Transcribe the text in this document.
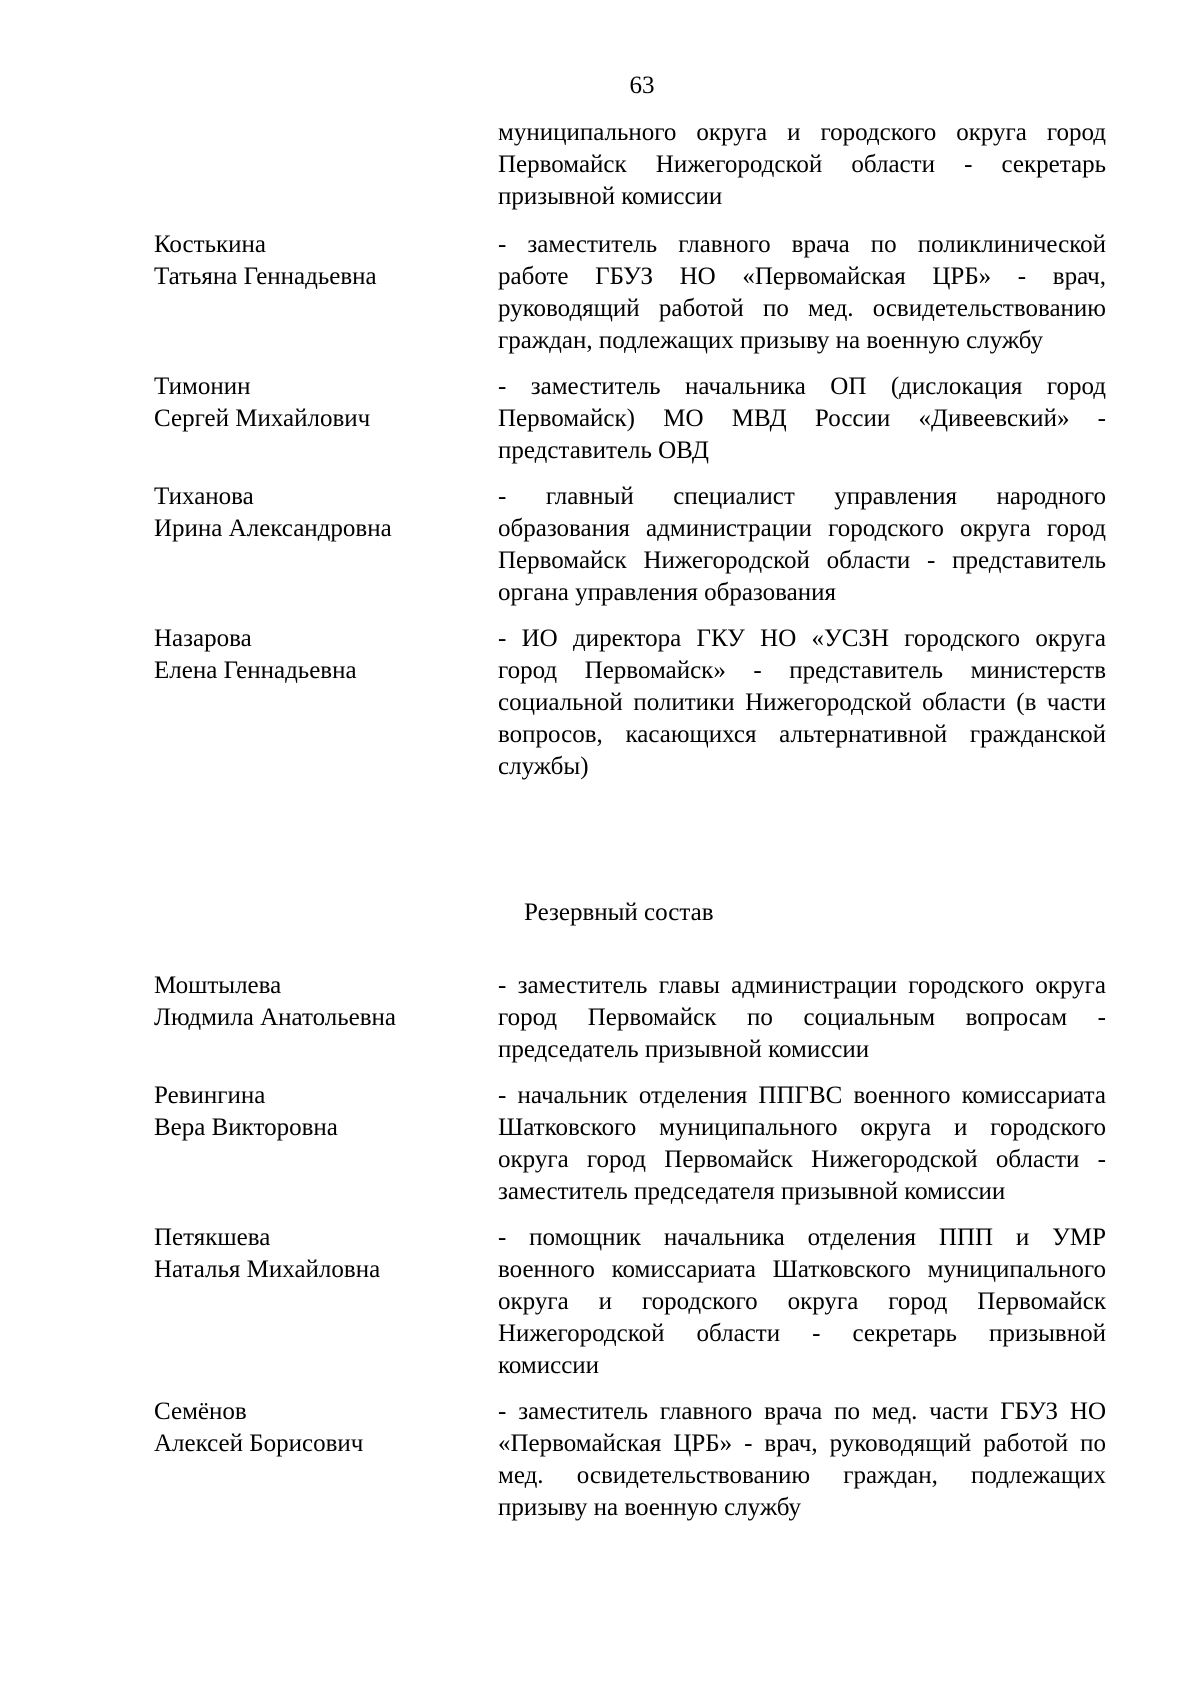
63
муниципального округа и городского округа город Первомайск Нижегородской области - секретарь призывной комиссии
Костькина
Татьяна Геннадьевна
- заместитель главного врача по поликлинической работе ГБУЗ НО «Первомайская ЦРБ» - врач, руководящий работой по мед. освидетельствованию граждан, подлежащих призыву на военную службу
Тимонин
Сергей Михайлович
- заместитель начальника ОП (дислокация город Первомайск) МО МВД России «Дивеевский» - представитель ОВД
Тиханова
Ирина Александровна
- главный специалист управления народного образования администрации городского округа город Первомайск Нижегородской области - представитель органа управления образования
Назарова
Елена Геннадьевна
- ИО директора ГКУ НО «УСЗН городского округа город Первомайск» - представитель министерств социальной политики Нижегородской области (в части вопросов, касающихся альтернативной гражданской службы)
Резервный состав
Моштылева
Людмила Анатольевна
- заместитель главы администрации городского округа город Первомайск по социальным вопросам - председатель призывной комиссии
Ревингина
Вера Викторовна
- начальник отделения ППГВС военного комиссариата Шатковского муниципального округа и городского округа город Первомайск Нижегородской области - заместитель председателя призывной комиссии
Петякшева
Наталья Михайловна
- помощник начальника отделения ППП и УМР военного комиссариата Шатковского муниципального округа и городского округа город Первомайск Нижегородской области - секретарь призывной комиссии
Семёнов
Алексей Борисович
- заместитель главного врача по мед. части ГБУЗ НО «Первомайская ЦРБ» - врач, руководящий работой по мед. освидетельствованию граждан, подлежащих призыву на военную службу
